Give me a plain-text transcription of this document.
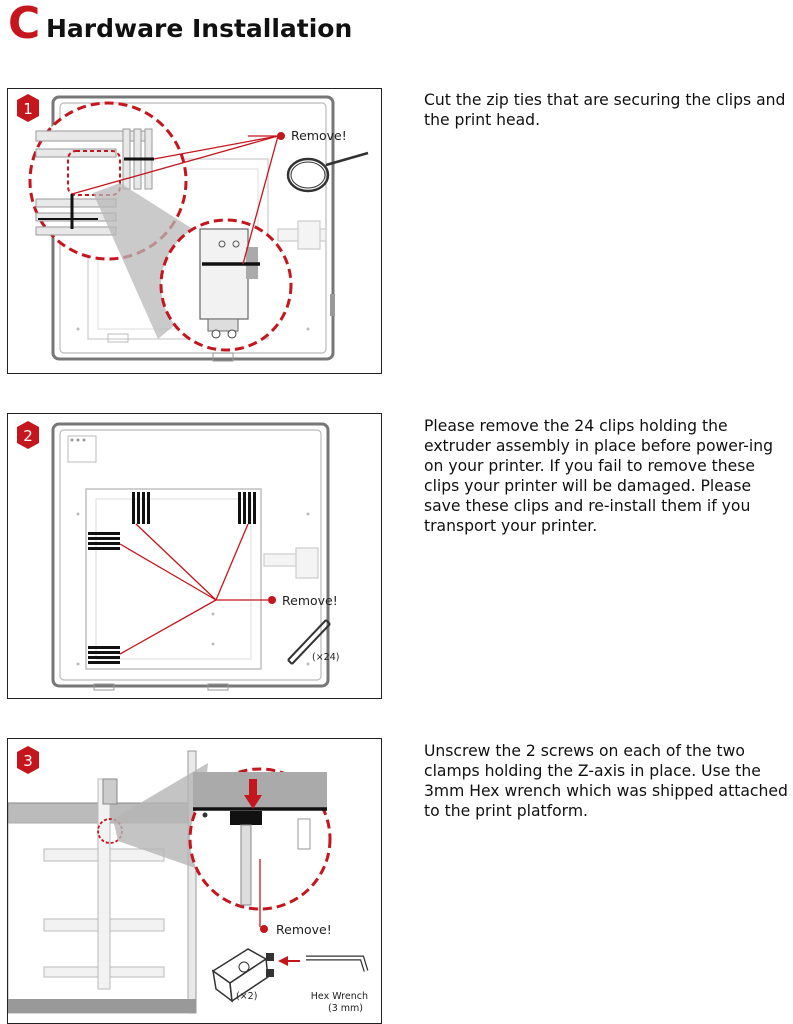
C Hardware Installation
Remove!
1	Cut the zip ties that are securing the clips and the print head.

Remove!
(×24)
2

Please remove the 24 clips holding the extruder assembly in place before power-ing on your printer. If you fail to remove these clips your printer will be damaged. Please save these clips and re-install them if you transport your printer.

Remove!
(×2)	Hex Wrench
(3 mm)
3

Unscrew the 2 screws on each of the two clamps holding the Z-axis in place. Use the 3mm Hex wrench which was shipped attached to the print platform.
